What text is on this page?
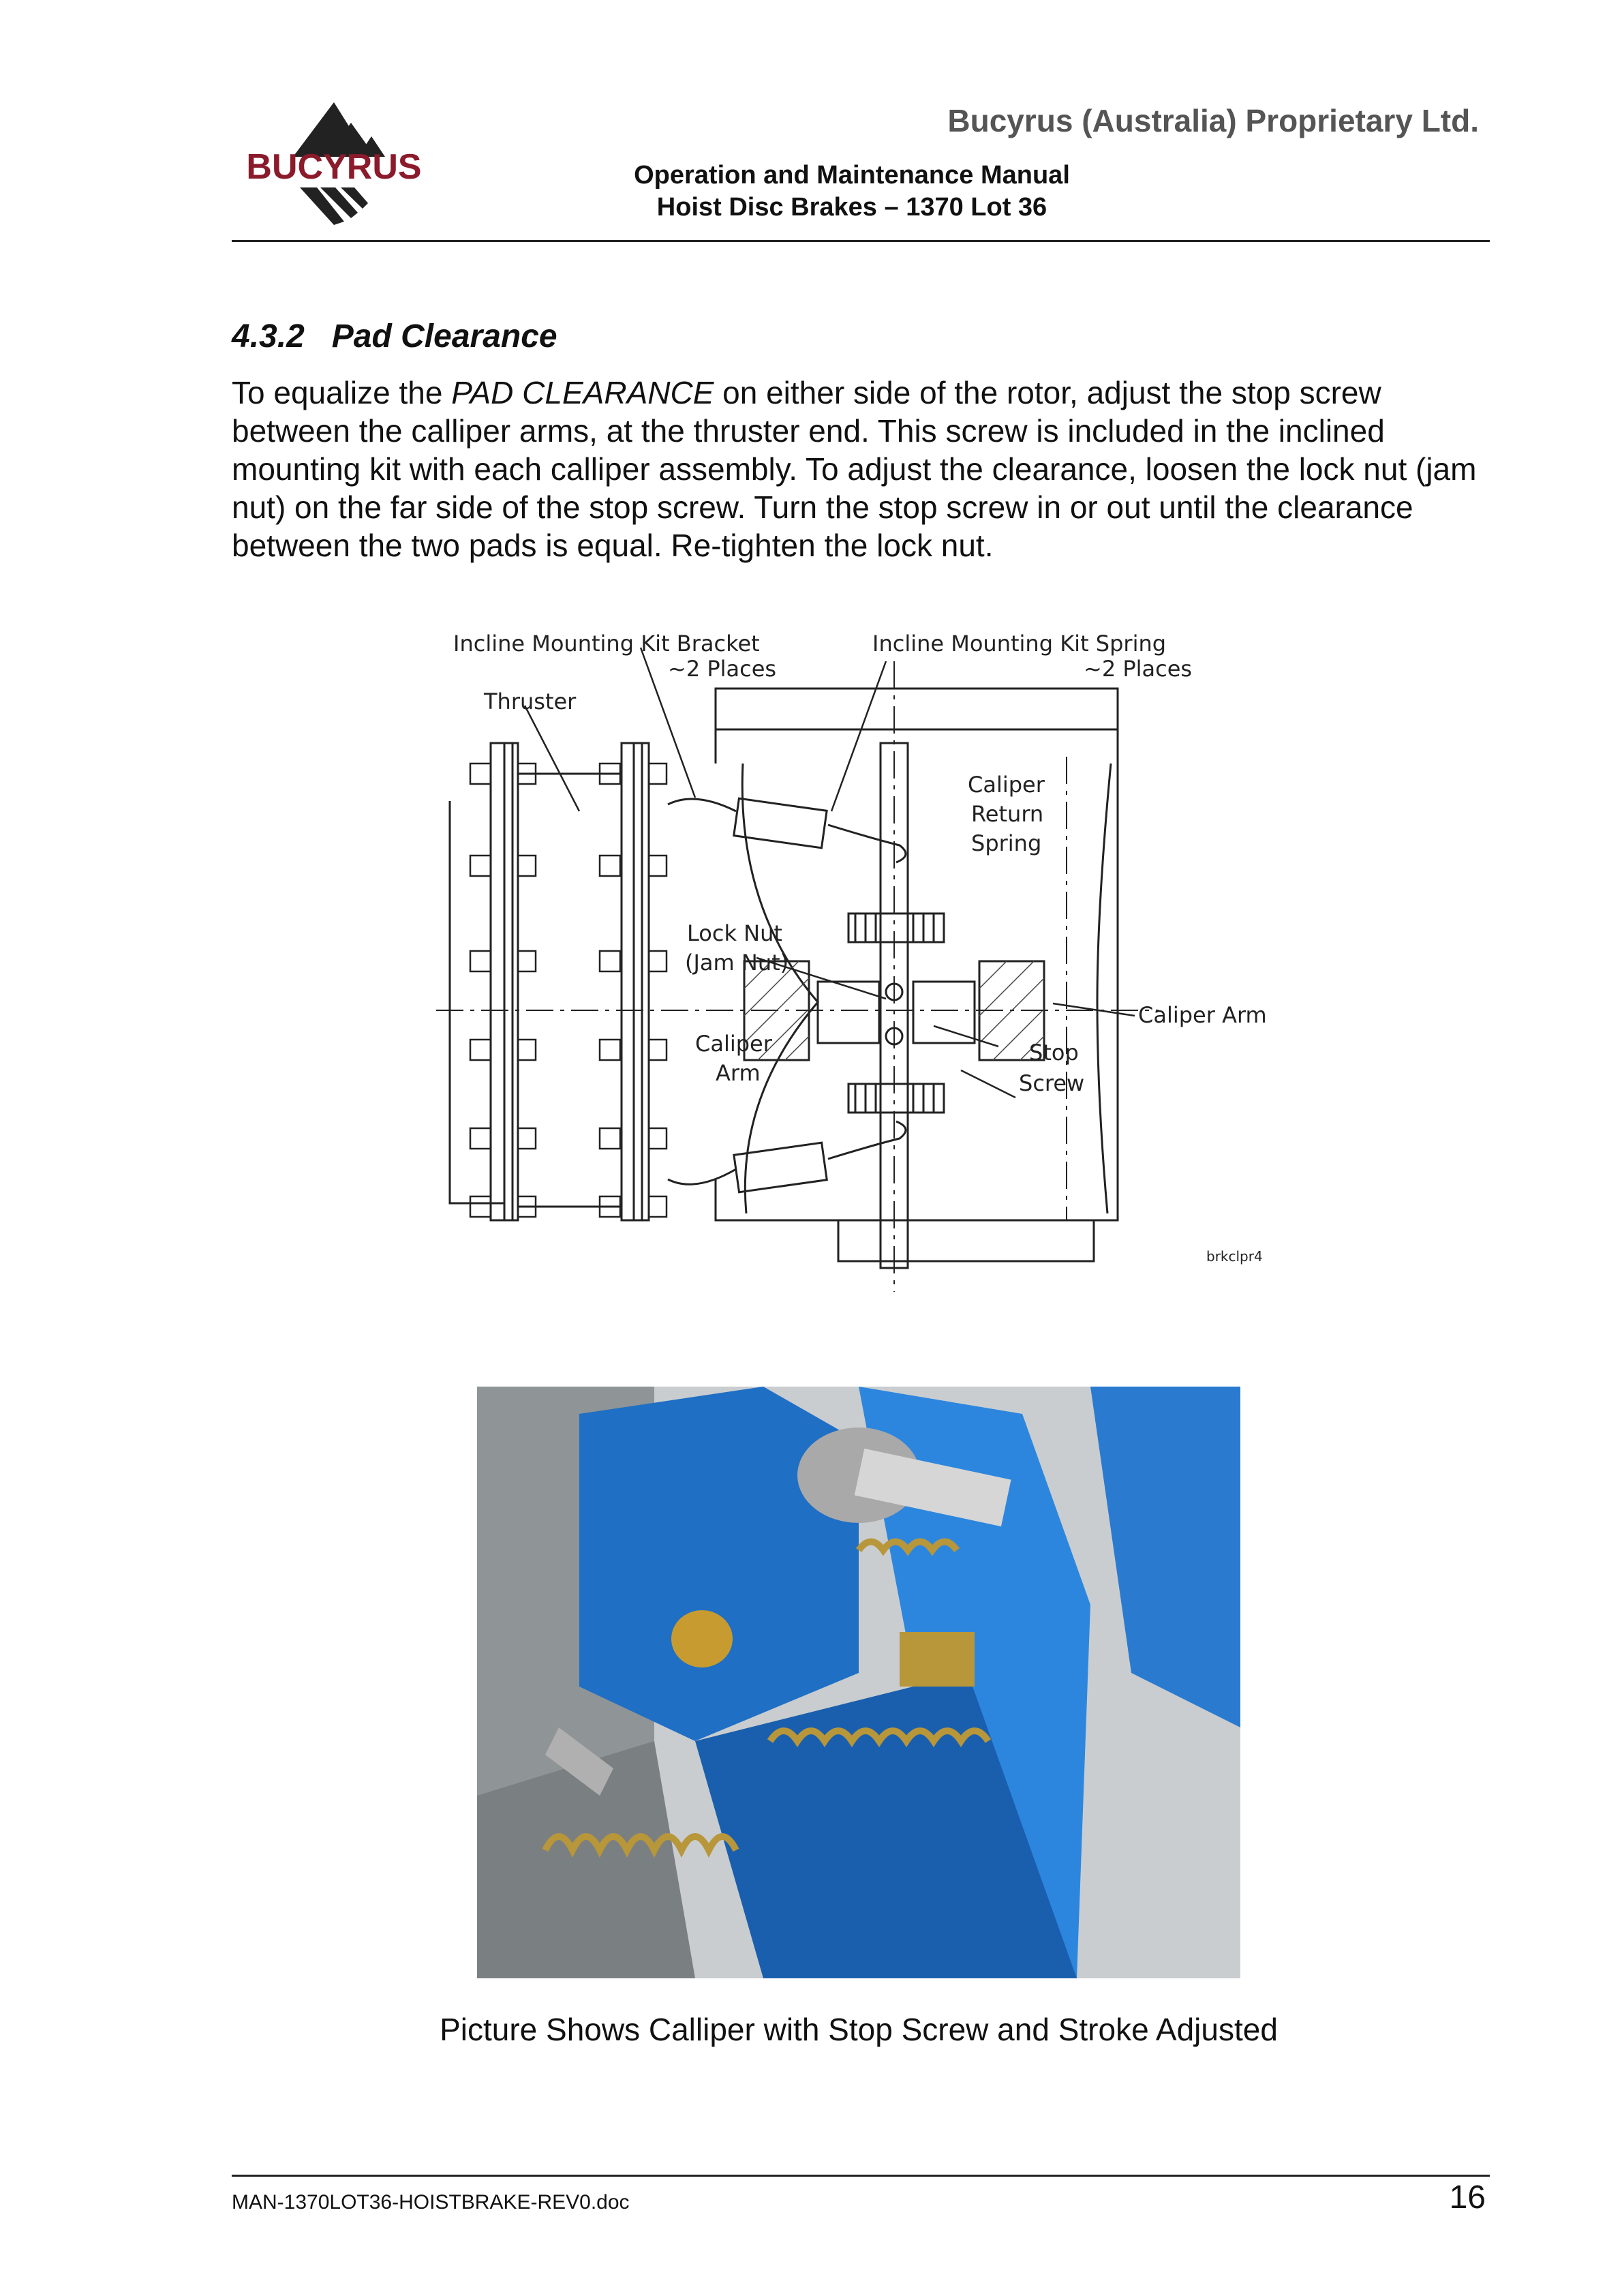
BUCYRUS
Bucyrus (Australia) Proprietary Ltd.
Operation and Maintenance Manual
Hoist Disc Brakes – 1370 Lot 36
4.3.2   Pad Clearance
To equalize the PAD CLEARANCE on either side of the rotor, adjust the stop screw between the calliper arms, at the thruster end. This screw is included in the inclined mounting kit with each calliper assembly. To adjust the clearance, loosen the lock nut (jam nut) on the far side of the stop screw. Turn the stop screw in or out until the clearance between the two pads is equal. Re-tighten the lock nut.
Incline Mounting Kit Bracket
~2 Places
Incline Mounting Kit Spring
~2 Places
Thruster
Caliper
Return
Spring
Lock Nut
(Jam Nut)
Caliper Arm
Caliper
Arm
Stop
Screw
brkclpr4
Picture Shows Calliper with Stop Screw and Stroke Adjusted
MAN-1370LOT36-HOISTBRAKE-REV0.doc	16
